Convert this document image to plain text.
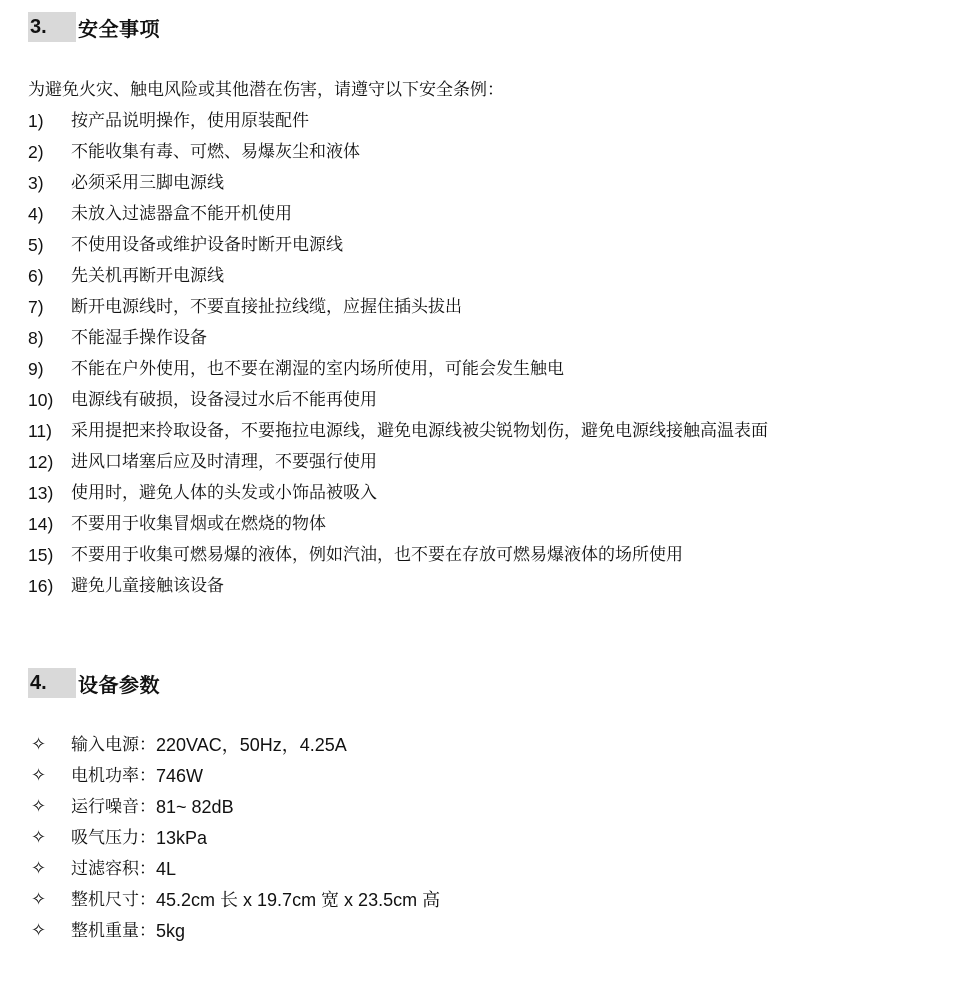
3.	安全事项
为避免火灾、触电风险或其他潜在伤害，请遵守以下安全条例：
1)	按产品说明操作，使用原装配件
2)	不能收集有毒、可燃、易爆灰尘和液体
3)	必须采用三脚电源线
4)	未放入过滤器盒不能开机使用
5)	不使用设备或维护设备时断开电源线
6)	先关机再断开电源线
7)	断开电源线时，不要直接扯拉线缆，应握住插头拔出
8)	不能湿手操作设备
9)	不能在户外使用，也不要在潮湿的室内场所使用，可能会发生触电
10)	电源线有破损，设备浸过水后不能再使用
11)	采用提把来拎取设备，不要拖拉电源线，避免电源线被尖锐物划伤，避免电源线接触高温表面
12)	进风口堵塞后应及时清理，不要强行使用
13)	使用时，避免人体的头发或小饰品被吸入
14)	不要用于收集冒烟或在燃烧的物体
15)	不要用于收集可燃易爆的液体，例如汽油，也不要在存放可燃易爆液体的场所使用
16)	避免儿童接触该设备
4.	设备参数
✧	输入电源： 220VAC，50Hz，4.25A
✧	电机功率： 746W
✧	运行噪音： 81~ 82dB
✧	吸气压力： 13kPa
✧	过滤容积： 4L
✧	整机尺寸： 45.2cm 长 x 19.7cm 宽 x 23.5cm 高
✧	整机重量： 5kg
